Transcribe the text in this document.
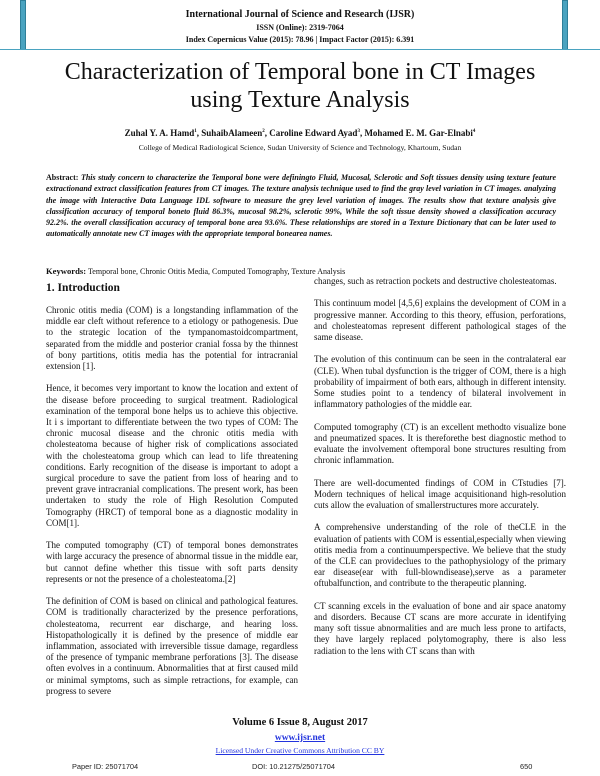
International Journal of Science and Research (IJSR)
ISSN (Online): 2319-7064
Index Copernicus Value (2015): 78.96 | Impact Factor (2015): 6.391
Characterization of Temporal bone in CT Images
using Texture Analysis
Zuhal Y. A. Hamd$^1$, SuhaibAlameen$^2$, Caroline Edward Ayad$^3$, Mohamed E. M. Gar-Elnabi$^4$
College of Medical Radiological Science, Sudan University of Science and Technology, Khartoum, Sudan
Abstract: This study concern to characterize the Temporal bone were definingto Fluid, Mucosal, Sclerotic and Soft tissues density using texture feature extractionand extract classification features from CT images. The texture analysis technique used to find the gray level variation in CT images. analyzing the image with Interactive Data Language IDL software to measure the grey level variation of images. The results show that texture analysis give classification accuracy of temporal boneto fluid 86.3%, mucosal 98.2%, sclerotic 99%, While the soft tissue density showed a classification accuracy 92.2%. the overall classification accuracy of temporal bone area 93.6%. These relationships are stored in a Texture Dictionary that can be later used to automatically annotate new CT images with the appropriate temporal bonearea names.
Keywords: Temporal bone, Chronic Otitis Media, Computed Tomography, Texture Analysis
1. Introduction

Chronic otitis media (COM) is a longstanding inflammation of the middle ear cleft without reference to a etiology or pathogenesis. Due to the strategic location of the tympanomastoidcompartment, separated from the middle and posterior cranial fossa by the thinnest of bony partitions, otitis media has the potential for intracranial extension [1].

Hence, it becomes very important to know the location and extent of the disease before proceeding to surgical treatment. Radiological examination of the temporal bone helps us to achieve this objective. It i s important to differentiate between the two types of COM: The chronic mucosal disease and the chronic otitis media with cholesteatoma because of higher risk of complications associated with the cholesteatoma group which can lead to life threatening conditions. Early recognition of the disease is important to adopt a surgical procedure to save the patient from loss of hearing and to prevent grave intracranial complications. The present work, has been undertaken to study the role of High Resolution Computed Tomography (HRCT) of temporal bone as a diagnostic modality in COM[1].

The computed tomography (CT) of temporal bones demonstrates with large accuracy the presence of abnormal tissue in the middle ear, but cannot define whether this tissue with soft parts density represents or not the presence of a cholesteatoma.[2]

The definition of COM is based on clinical and pathological features. COM is traditionally characterized by the presence perforations, cholesteatoma, recurrent ear discharge, and hearing loss. Histopathologically it is defined by the presence of middle ear inflammation, associated with irreversible tissue damage, regardless of the presence of tympanic membrane perforations [3]. The disease often evolves in a continuum. Abnormalities that at first caused mild or minimal symptoms, such as simple retractions, for example, can progress to severe

changes, such as retraction pockets and destructive cholesteatomas.

This continuum model [4,5,6] explains the development of COM in a progressive manner. According to this theory, effusion, perforations, and cholesteatomas represent different pathological stages of the same disease.

The evolution of this continuum can be seen in the contralateral ear (CLE). When tubal dysfunction is the trigger of COM, there is a high probability of impairment of both ears, although in different intensity. Some studies point to a tendency of bilateral involvement in inflammatory pathologies of the middle ear.

Computed tomography (CT) is an excellent methodto visualize bone and pneumatized spaces. It is thereforethe best diagnostic method to evaluate the involvement oftemporal bone structures resulting from chronic inflammation.

There are well-documented findings of COM in CTstudies [7]. Modern techniques of helical image acquisitionand high-resolution cuts allow the evaluation of smallerstructures more accurately.

A comprehensive understanding of the role of theCLE in the evaluation of patients with COM is essential,especially when viewing otitis media from a continuumperspective. We believe that the study of the CLE can provideclues to the pathophysiology of the primary ear disease(ear with full-blowndisease),serve as a parameter oftubalfunction, and contribute to the therapeutic planning.

CT scanning excels in the evaluation of bone and air space anatomy and disorders. Because CT scans are more accurate in identifying many soft tissue abnormalities and are much less prone to artifacts, they have largely replaced polytomography, there is also less radiation to the lens with CT scans than with

Volume 6 Issue 8, August 2017
www.ijsr.net
Licensed Under Creative Commons Attribution CC BY
Paper ID: 25071704	DOI: 10.21275/25071704	650
